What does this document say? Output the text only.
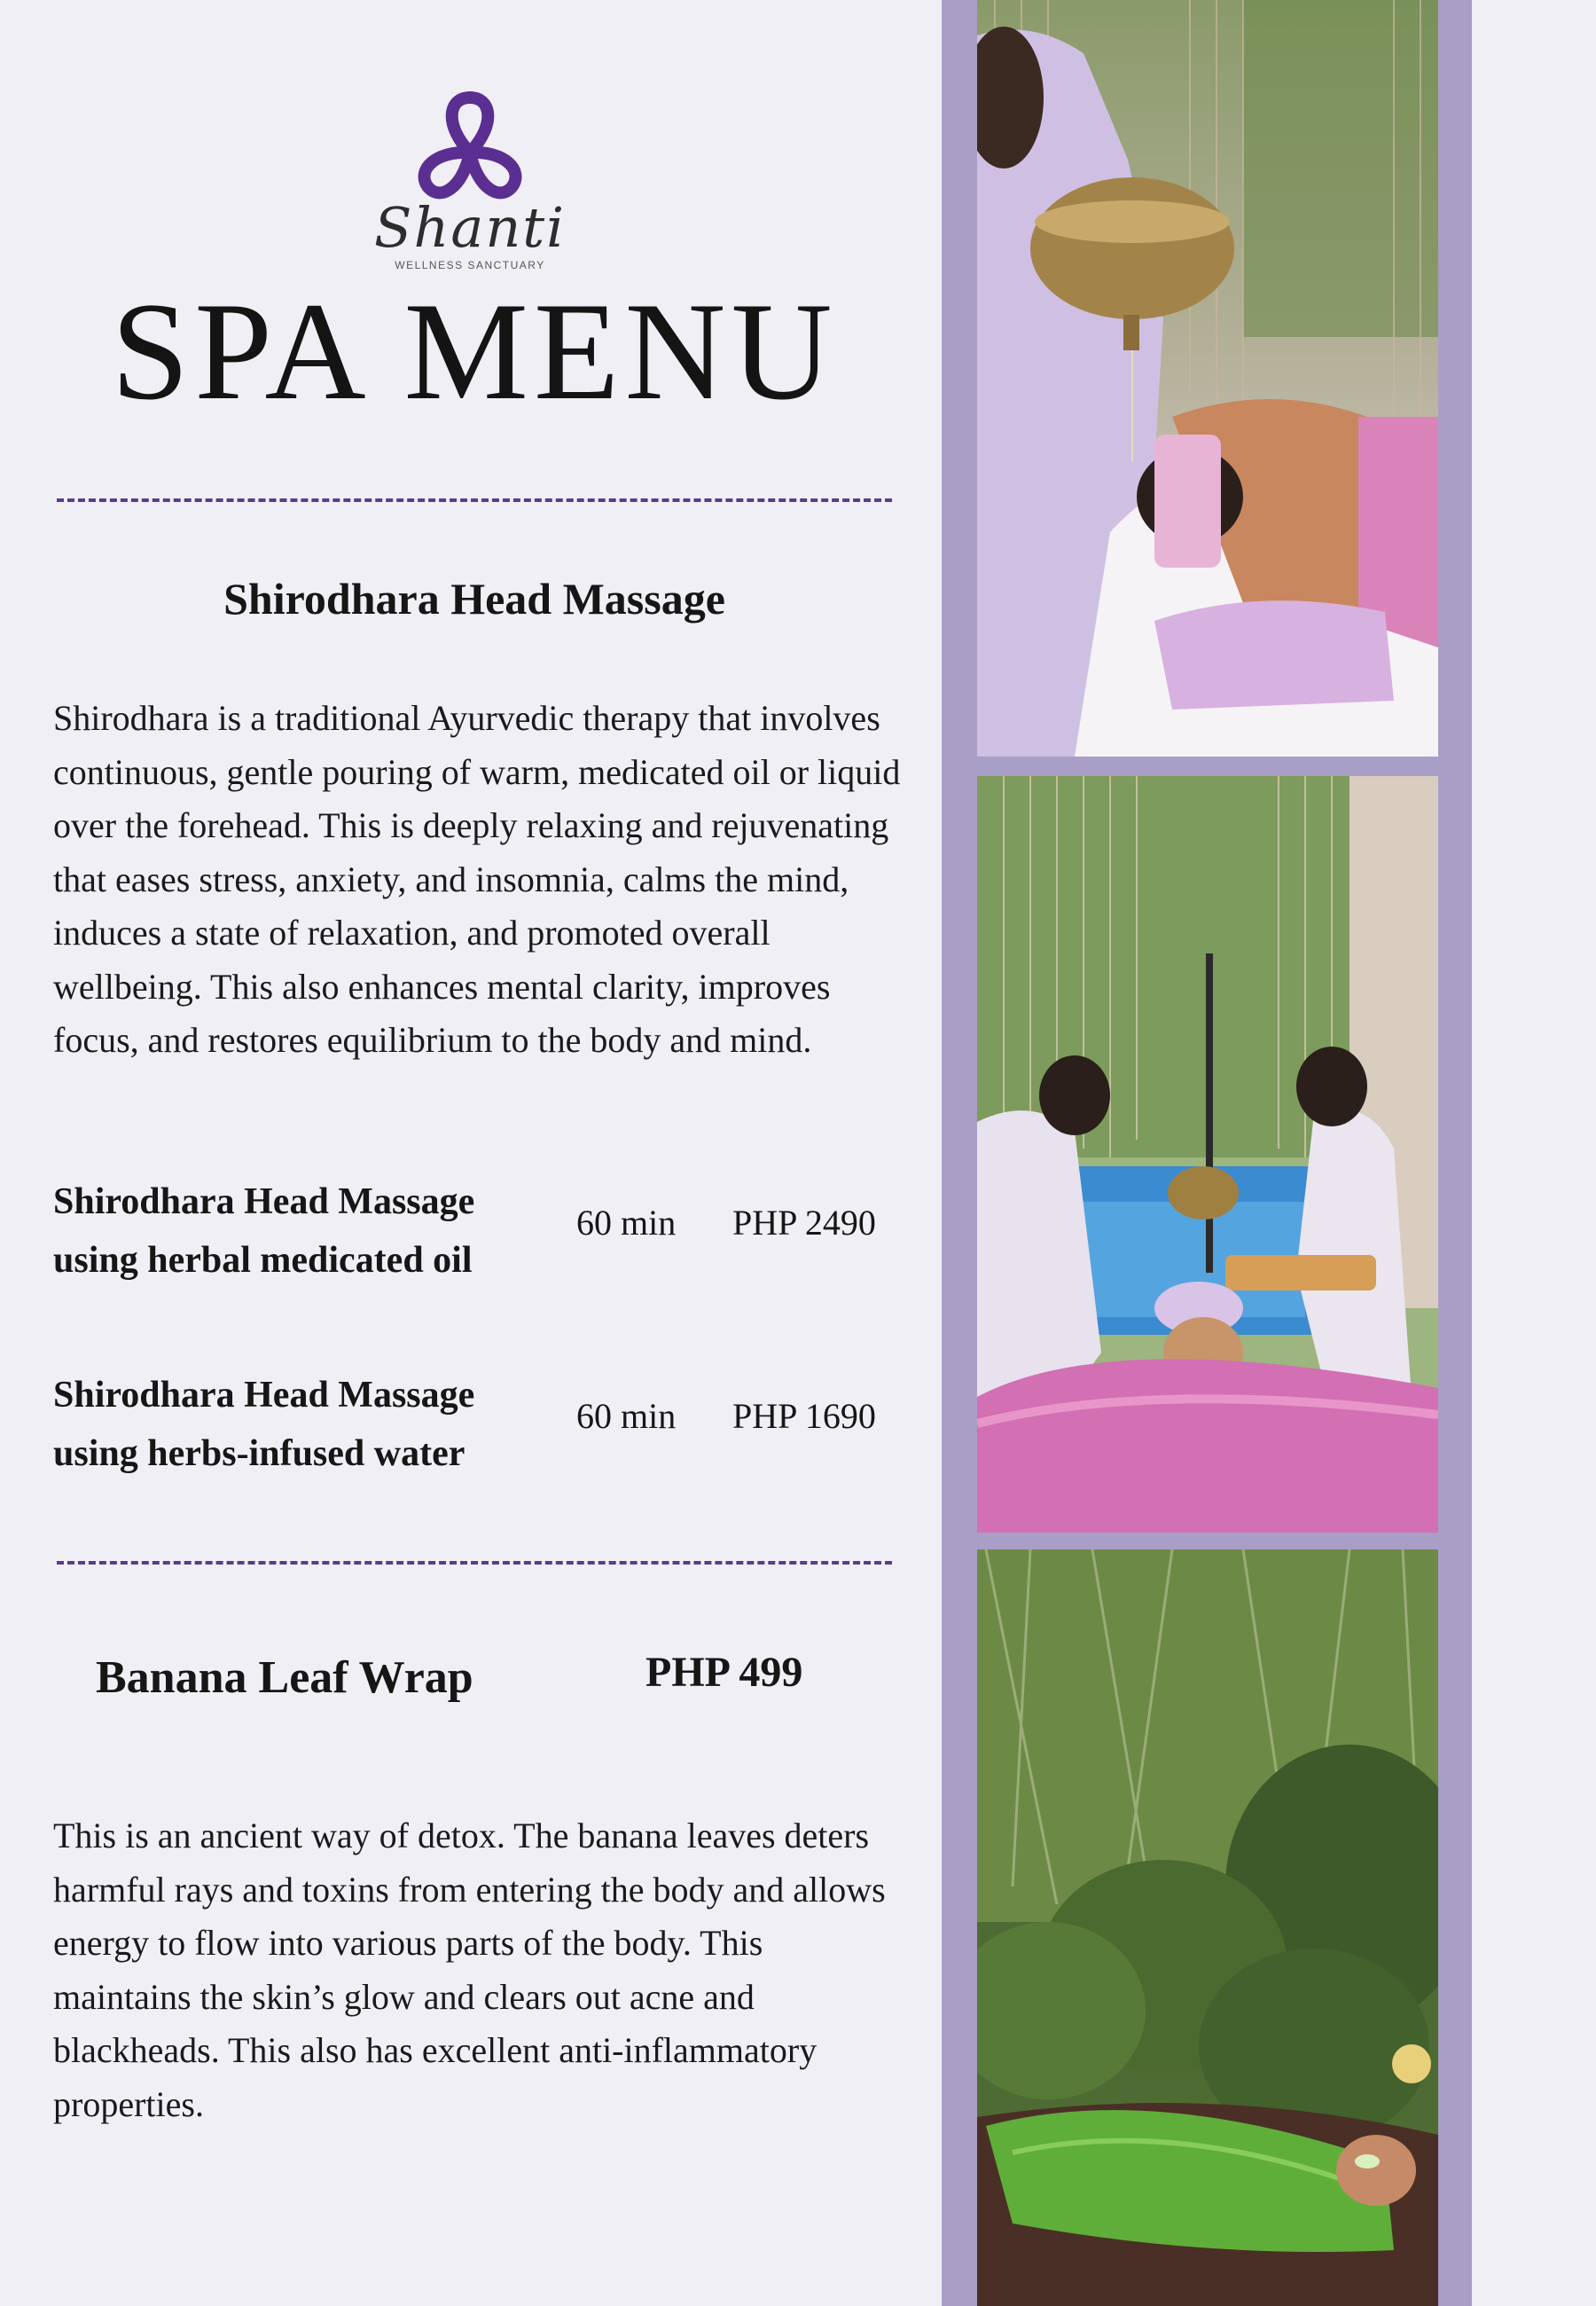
Shanti
WELLNESS SANCTUARY
SPA MENU
Shirodhara Head Massage
Shirodhara is a traditional Ayurvedic therapy that involves continuous, gentle pouring of warm, medicated oil or liquid over the forehead. This is deeply relaxing and rejuvenating that eases stress, anxiety, and insomnia, calms the mind, induces a state of relaxation, and promoted overall wellbeing. This also enhances mental clarity, improves focus, and restores equilibrium to the body and mind.
Shirodhara Head Massage
using herbal medicated oil
60 min PHP 2490
Shirodhara Head Massage
using herbs-infused water
60 min PHP 1690
Banana Leaf Wrap	PHP 499
This is an ancient way of detox. The banana leaves deters harmful rays and toxins from entering the body and allows energy to flow into various parts of the body. This maintains the skin’s glow and clears out acne and blackheads. This also has excellent anti-inflammatory properties.
